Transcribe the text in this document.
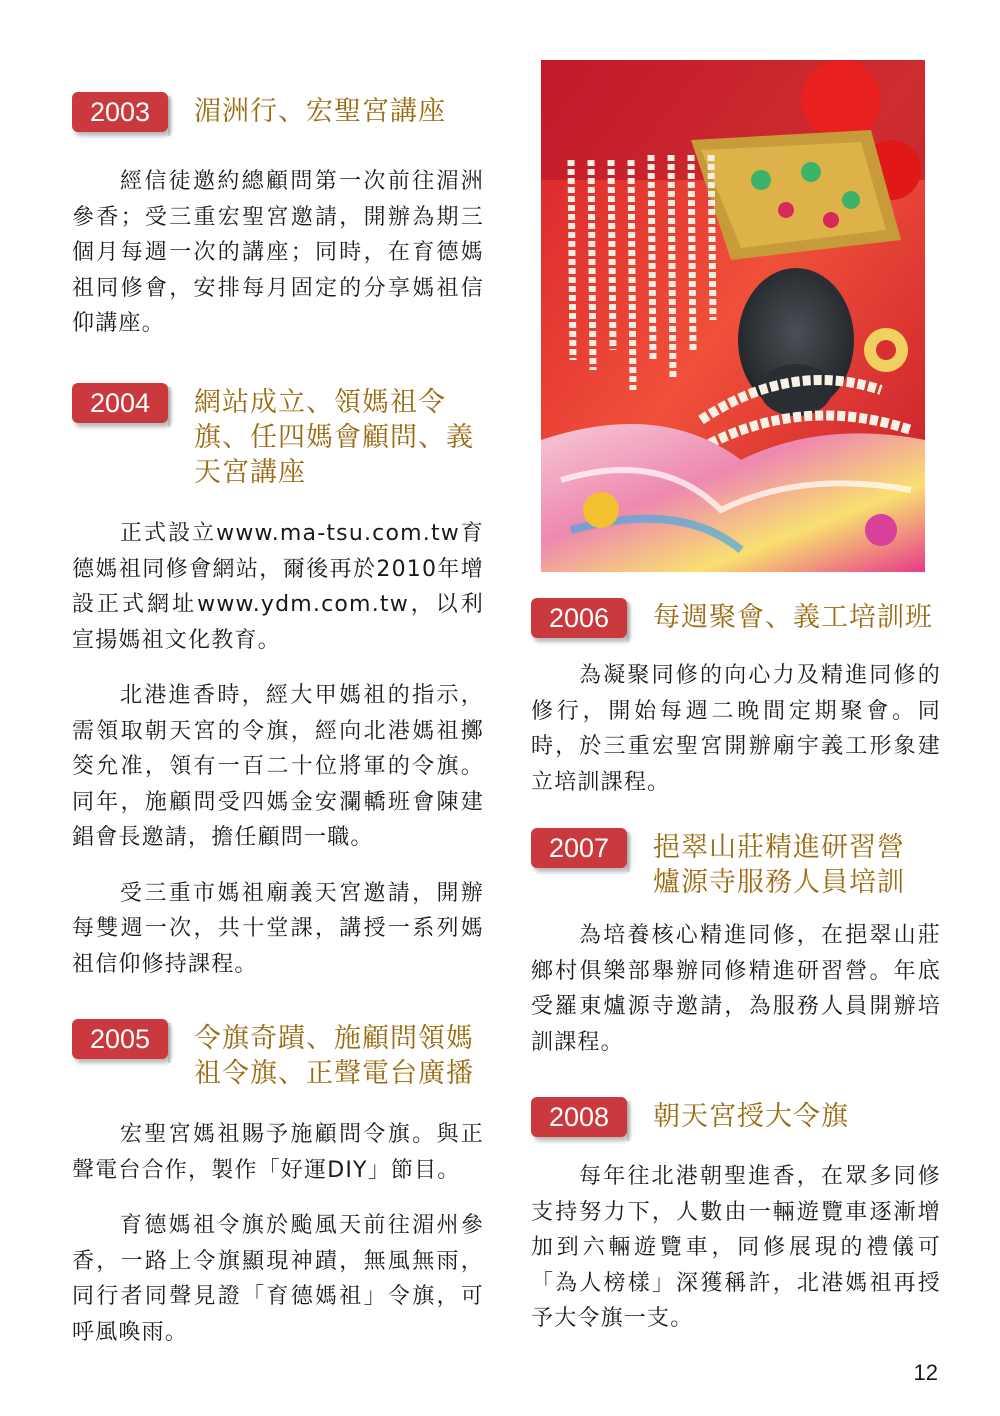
2003	湄洲行、宏聖宮講座

經信徒邀約總顧問第一次前往湄洲參香；受三重宏聖宮邀請，開辦為期三個月每週一次的講座；同時，在育德媽祖同修會，安排每月固定的分享媽祖信仰講座。

2004	網站成立、領媽祖令旗、任四媽會顧問、義天宮講座

正式設立www.ma-tsu.com.tw育德媽祖同修會網站，爾後再於2010年增設正式網址www.ydm.com.tw，以利宣揚媽祖文化教育。

北港進香時，經大甲媽祖的指示，需領取朝天宮的令旗，經向北港媽祖擲筊允准，領有一百二十位將軍的令旗。同年，施顧問受四媽金安瀾轎班會陳建錩會長邀請，擔任顧問一職。

受三重市媽祖廟義天宮邀請，開辦每雙週一次，共十堂課，講授一系列媽祖信仰修持課程。

2005	令旗奇蹟、施顧問領媽祖令旗、正聲電台廣播

宏聖宮媽祖賜予施顧問令旗。與正聲電台合作，製作「好運DIY」節目。

育德媽祖令旗於颱風天前往湄州參香，一路上令旗顯現神蹟，無風無雨，同行者同聲見證「育德媽祖」令旗，可呼風喚雨。

2006	每週聚會、義工培訓班

為凝聚同修的向心力及精進同修的修行，開始每週二晚間定期聚會。同時，於三重宏聖宮開辦廟宇義工形象建立培訓課程。

2007	挹翠山莊精進研習營爐源寺服務人員培訓

為培養核心精進同修，在挹翠山莊鄉村俱樂部舉辦同修精進研習營。年底受羅東爐源寺邀請，為服務人員開辦培訓課程。

2008	朝天宮授大令旗

每年往北港朝聖進香，在眾多同修支持努力下，人數由一輛遊覽車逐漸增加到六輛遊覽車，同修展現的禮儀可「為人榜樣」深獲稱許，北港媽祖再授予大令旗一支。

12
